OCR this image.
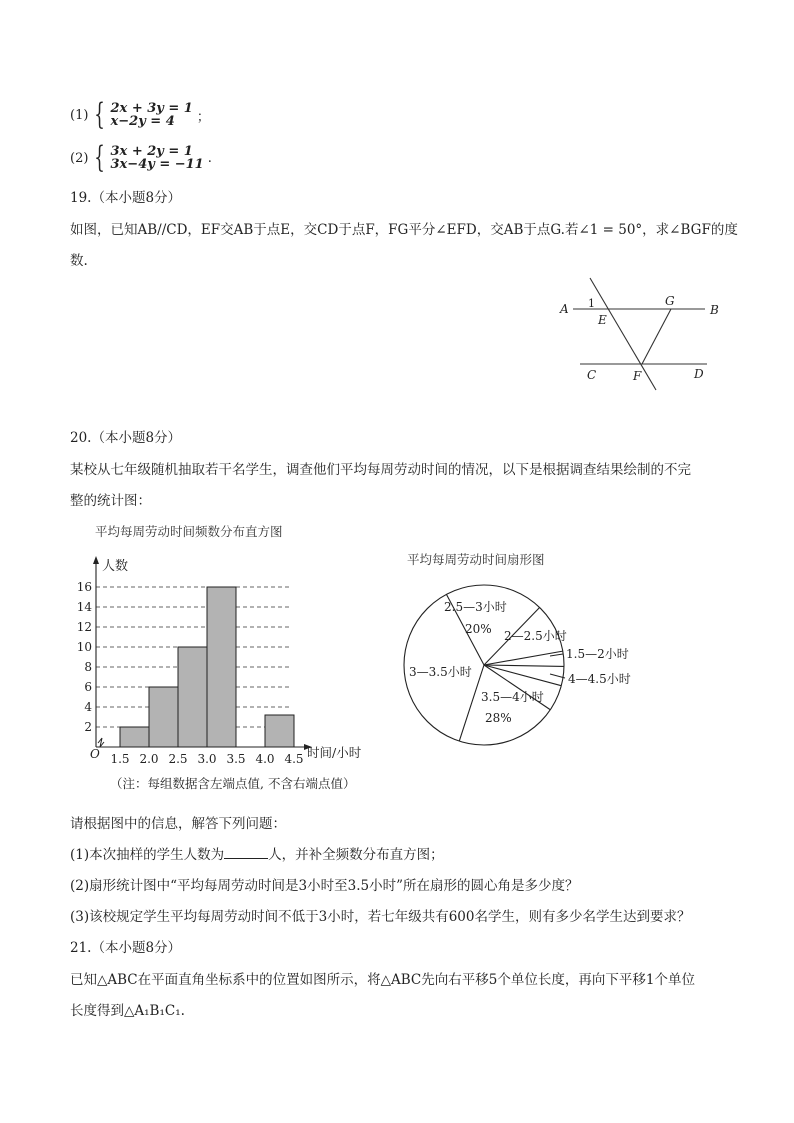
(1) { 2x + 3y = 1
x−2y = 4	；
(2) { 3x + 2y = 1
3x−4y = −11 .
19.（本小题8分）
如图，已知AB//CD，EF交AB于点E，交CD于点F，FG平分∠EFD，交AB于点G.若∠1 = 50°，求∠BGF的度
数.
A	B
C	D
E
F
G
1
20.（本小题8分）
某校从七年级随机抽取若干名学生，调查他们平均每周劳动时间的情况，以下是根据调查结果绘制的不完
整的统计图：
平均每周劳动时间频数分布直方图
2
4
6
8
10
12
14
16
1.5 2.0 2.5 3.0 3.5 4.0 4.5
O
人数
时间/小时
平均每周劳动时间扇形图
2.5—3小时
20% 2—2.5小时
1.5—2小时
4—4.5小时
3.5—4小时
28%
3—3.5小时
（注：每组数据含左端点值, 不含右端点值）
请根据图中的信息，解答下列问题：
(1)本次抽样的学生人数为	人，并补全频数分布直方图；
(2)扇形统计图中“平均每周劳动时间是3小时至3.5小时”所在扇形的圆心角是多少度？
(3)该校规定学生平均每周劳动时间不低于3小时，若七年级共有600名学生，则有多少名学生达到要求？
21.（本小题8分）
已知△ABC在平面直角坐标系中的位置如图所示，将△ABC先向右平移5个单位长度，再向下平移1个单位
长度得到△A₁B₁C₁.
